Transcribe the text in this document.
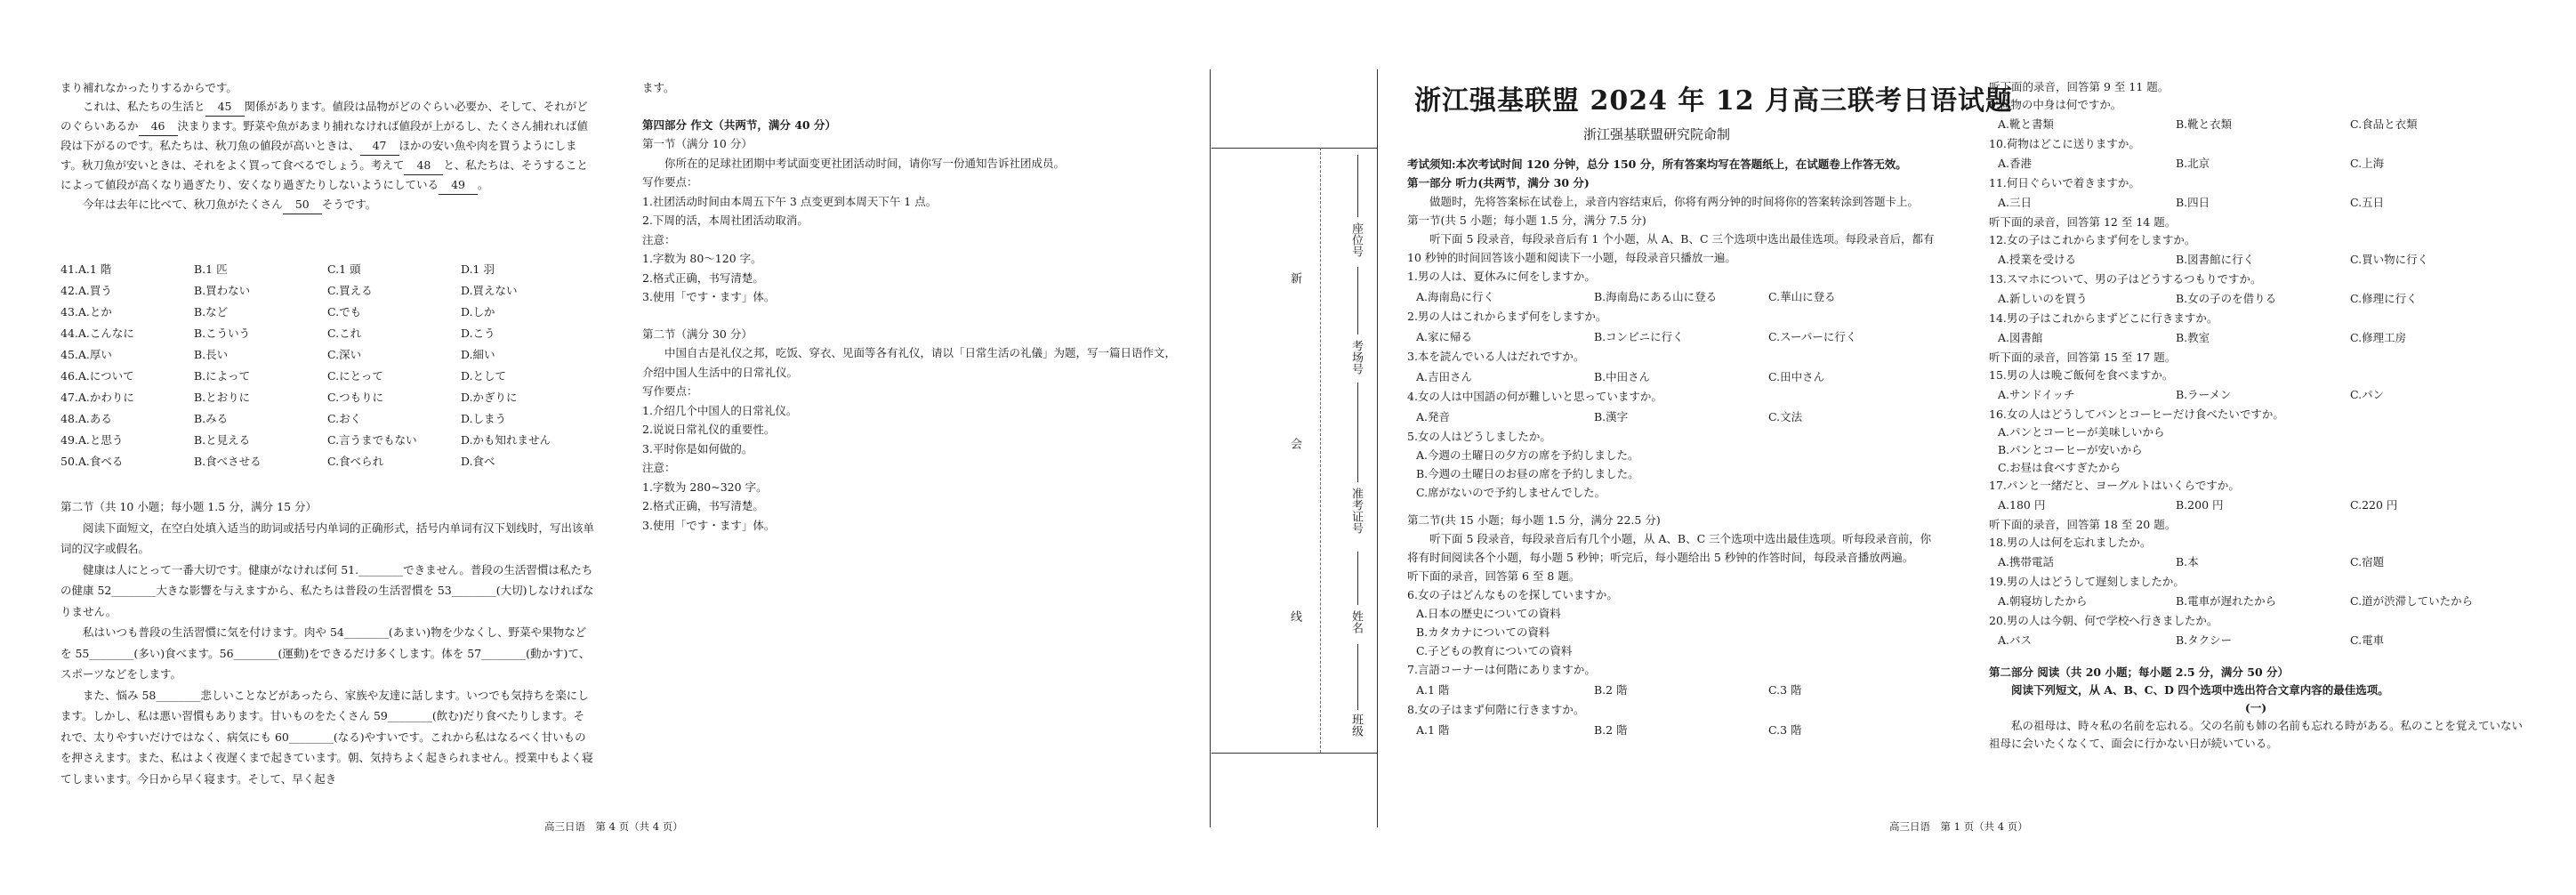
まり補れなかったりするからです。

これは、私たちの生活と 45 関係があります。値段は品物がどのぐらい必要か、そして、それがどのぐらいあるか 46 決まります。野菜や魚があまり捕れなければ値段が上がるし、たくさん捕れれば値段は下がるのです。私たちは、秋刀魚の値段が高いときは、 47 ほかの安い魚や肉を買うようにします。秋刀魚が安いときは、それをよく買って食べるでしょう。考えて 48 と、私たちは、そうすることによって値段が高くなり過ぎたり、安くなり過ぎたりしないようにしている 49 。

今年は去年に比べて、秋刀魚がたくさん 50 そうです。

41.A.1 階	B.1 匹	C.1 頭	D.1 羽
42.A.買う	B.買わない	C.買える	D.買えない
43.A.とか	B.など	C.でも	D.しか
44.A.こんなに	B.こういう	C.これ	D.こう
45.A.厚い	B.長い	C.深い	D.細い
46.A.について	B.によって	C.にとって	D.として
47.A.かわりに	B.とおりに	C.つもりに	D.かぎりに
48.A.ある	B.みる	C.おく	D.しまう
49.A.と思う	B.と見える	C.言うまでもない	D.かも知れません
50.A.食べる	B.食べさせる	C.食べられ	D.食べ

第二节（共 10 小题；每小题 1.5 分，满分 15 分）

阅读下面短文，在空白处填入适当的助词或括号内单词的正确形式，括号内单词有汉下划线时，写出该单词的汉字或假名。

健康は人にとって一番大切です。健康がなければ何 51.________できません。普段の生活習慣は私たちの健康 52________大きな影響を与えますから、私たちは普段の生活習慣を 53________(大切)しなければなりません。

私はいつも普段の生活習慣に気を付けます。肉や 54________(あまい)物を少なくし、野菜や果物などを 55________(多い)食べます。56________(運動)をできるだけ多くします。体を 57________(動かす)て、スポーツなどをします。

また、悩み 58________悲しいことなどがあったら、家族や友達に話します。いつでも気持ちを楽にします。しかし、私は悪い習慣もあります。甘いものをたくさん 59________(飲む)だり食べたりします。それで、太りやすいだけではなく、病気にも 60________(なる)やすいです。これから私はなるべく甘いものを押さえます。また、私はよく夜遅くまで起きています。朝、気持ちよく起きられません。授業中もよく寝てしまいます。今日から早く寝ます。そして、早く起き

ます。

第四部分 作文（共两节，满分 40 分）

第一节（满分 10 分）

你所在的足球社团期中考试面变更社团活动时间，请你写一份通知告诉社团成员。

写作要点：

1.社团活动时间由本周五下午 3 点变更到本周天下午 1 点。

2.下周的活，本周社团活动取消。

注意：

1.字数为 80～120 字。

2.格式正确，书写清楚。

3.使用「です・ます」体。

第二节（满分 30 分）

中国自古是礼仪之邦，吃饭、穿衣、见面等各有礼仪，请以「日常生活の礼儀」为题，写一篇日语作文，介绍中国人生活中的日常礼仪。

写作要点：

1.介绍几个中国人的日常礼仪。

2.说说日常礼仪的重要性。

3.平时你是如何做的。

注意：

1.字数为 280~320 字。

2.格式正确，书写清楚。

3.使用「です・ます」体。

高三日语　第 4 页（共 4 页）
新
会
线
座位号
考场号
准考证号
姓名
班级
浙江强基联盟 2024 年 12 月高三联考日语试题
浙江强基联盟研究院命制

考试须知:本次考试时间 120 分钟，总分 150 分，所有答案均写在答题纸上，在试题卷上作答无效。

第一部分 听力(共两节，满分 30 分)

做题时，先将答案标在试卷上，录音内容结束后，你将有两分钟的时间将你的答案转涂到答题卡上。

第一节(共 5 小题；每小题 1.5 分，满分 7.5 分)

听下面 5 段录音，每段录音后有 1 个小题，从 A、B、C 三个选项中选出最佳选项。每段录音后，都有 10 秒钟的时间回答该小题和阅读下一小题，每段录音只播放一遍。

1.男の人は、夏休みに何をしますか。

A.海南島に行く	B.海南島にある山に登る	C.華山に登る

2.男の人はこれからまず何をしますか。

A.家に帰る	B.コンビニに行く	C.スーパーに行く

3.本を読んでいる人はだれですか。

A.吉田さん	B.中田さん	C.田中さん

4.女の人は中国語の何が難しいと思っていますか。

A.発音	B.漢字	C.文法

5.女の人はどうしましたか。

A.今週の土曜日の夕方の席を予約しました。

B.今週の土曜日のお昼の席を予約しました。

C.席がないので予約しませんでした。

第二节(共 15 小题；每小题 1.5 分，满分 22.5 分)

听下面 5 段录音，每段录音后有几个小题，从 A、B、C 三个选项中选出最佳选项。听每段录音前，你将有时间阅读各个小题，每小题 5 秒钟；听完后，每小题给出 5 秒钟的作答时间，每段录音播放两遍。

听下面的录音，回答第 6 至 8 题。

6.女の子はどんなものを探していますか。

A.日本の歴史についての資料

B.カタカナについての資料

C.子どもの教育についての資料

7.言語コーナーは何階にありますか。

A.1 階	B.2 階	C.3 階

8.女の子はまず何階に行きますか。

A.1 階	B.2 階	C.3 階

听下面的录音，回答第 9 至 11 题。

9.荷物の中身は何ですか。

A.靴と書類	B.靴と衣類	C.食品と衣類

10.荷物はどこに送りますか。

A.香港	B.北京	C.上海

11.何日ぐらいで着きますか。

A.三日	B.四日	C.五日

听下面的录音，回答第 12 至 14 题。

12.女の子はこれからまず何をしますか。

A.授業を受ける	B.図書館に行く	C.買い物に行く

13.スマホについて、男の子はどうするつもりですか。

A.新しいのを買う	B.女の子のを借りる	C.修理に行く

14.男の子はこれからまずどこに行きますか。

A.図書館	B.教室	C.修理工房

听下面的录音，回答第 15 至 17 题。

15.男の人は晩ご飯何を食べますか。

A.サンドイッチ	B.ラーメン	C.パン

16.女の人はどうしてパンとコーヒーだけ食べたいですか。

A.パンとコーヒーが美味しいから

B.パンとコーヒーが安いから

C.お昼は食べすぎたから

17.パンと一緒だと、ヨーグルトはいくらですか。

A.180 円	B.200 円	C.220 円

听下面的录音，回答第 18 至 20 题。

18.男の人は何を忘れましたか。

A.携帯電話	B.本	C.宿題

19.男の人はどうして遅刻しましたか。

A.朝寝坊したから	B.電車が遅れたから	C.道が渋滞していたから

20.男の人は今朝、何で学校へ行きましたか。

A.バス	B.タクシー	C.電車

第二部分 阅读（共 20 小题；每小题 2.5 分，满分 50 分）

阅读下列短文，从 A、B、C、D 四个选项中选出符合文章内容的最佳选项。

(一)

私の祖母は、時々私の名前を忘れる。父の名前も姉の名前も忘れる時がある。私のことを覚えていない祖母に会いたくなくて、面会に行かない日が続いている。

高三日语　第 1 页（共 4 页）
